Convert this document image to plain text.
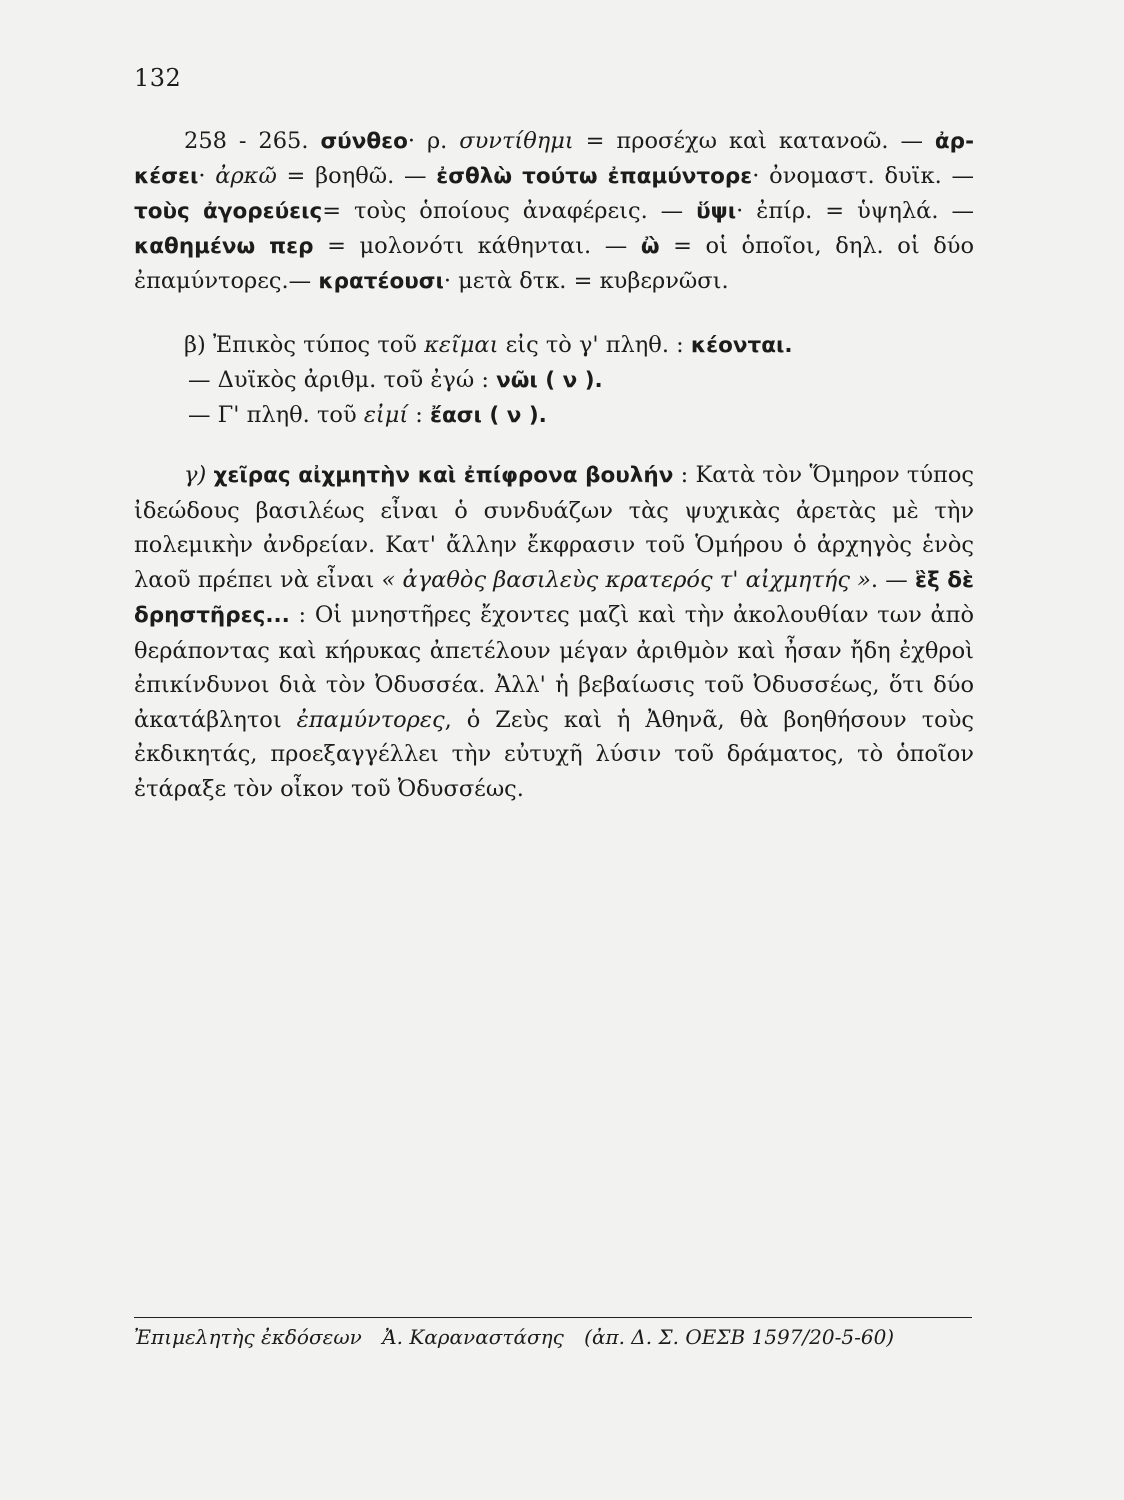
132

258 - 265. σύνθεο· ρ. συντίθημι = προσέχω καὶ κατανοῶ. — ἀρ-κέσει· ἀρκῶ = βοηθῶ. — ἐσθλὼ τούτω ἐπαμύντορε· ὀνομαστ. δυϊκ. — τοὺς ἀγορεύεις= τοὺς ὁποίους ἀναφέρεις. — ὕψι· ἐπίρ. = ὑψηλά. — καθημένω περ = μολονότι κάθηνται. — ὢ = οἱ ὁποῖοι, δηλ. οἱ δύο ἐπαμύντορες.— κρατέουσι· μετὰ δτκ. = κυβερνῶσι.

β) Ἐπικὸς τύπος τοῦ κεῖμαι εἰς τὸ γ' πληθ. : κέονται.
— Δυϊκὸς ἀριθμ. τοῦ ἐγώ : νῶι ( ν ).
— Γ' πληθ. τοῦ εἰμί : ἔασι ( ν ).

γ) χεῖρας αἰχμητὴν καὶ ἐπίφρονα βουλήν : Κατὰ τὸν Ὅμηρον τύπος ἰδεώδους βασιλέως εἶναι ὁ συνδυάζων τὰς ψυχικὰς ἀρετὰς μὲ τὴν πολεμικὴν ἀνδρείαν. Κατ' ἄλλην ἔκφρασιν τοῦ Ὁμήρου ὁ ἀρχηγὸς ἑνὸς λαοῦ πρέπει νὰ εἶναι « ἀγαθὸς βασιλεὺς κρατερός τ' αἰχμητής ». — ἓξ δὲ δρηστῆρες... : Οἱ μνηστῆρες ἔχοντες μαζὶ καὶ τὴν ἀκολουθίαν των ἀπὸ θεράποντας καὶ κήρυκας ἀπετέλουν μέγαν ἀριθμὸν καὶ ἦσαν ἤδη ἐχθροὶ ἐπικίνδυνοι διὰ τὸν Ὀδυσσέα. Ἀλλ' ἡ βεβαίωσις τοῦ Ὀδυσσέως, ὅτι δύο ἀκατάβλητοι ἐπαμύντορες, ὁ Ζεὺς καὶ ἡ Ἀθηνᾶ, θὰ βοηθήσουν τοὺς ἐκδικητάς, προεξαγγέλλει τὴν εὐτυχῆ λύσιν τοῦ δράματος, τὸ ὁποῖον ἐτάραξε τὸν οἶκον τοῦ Ὀδυσσέως.

Ἐπιμελητὴς ἐκδόσεων Ἀ. Καραναστάσης (ἀπ. Δ. Σ. ΟΕΣΒ 1597/20-5-60)
